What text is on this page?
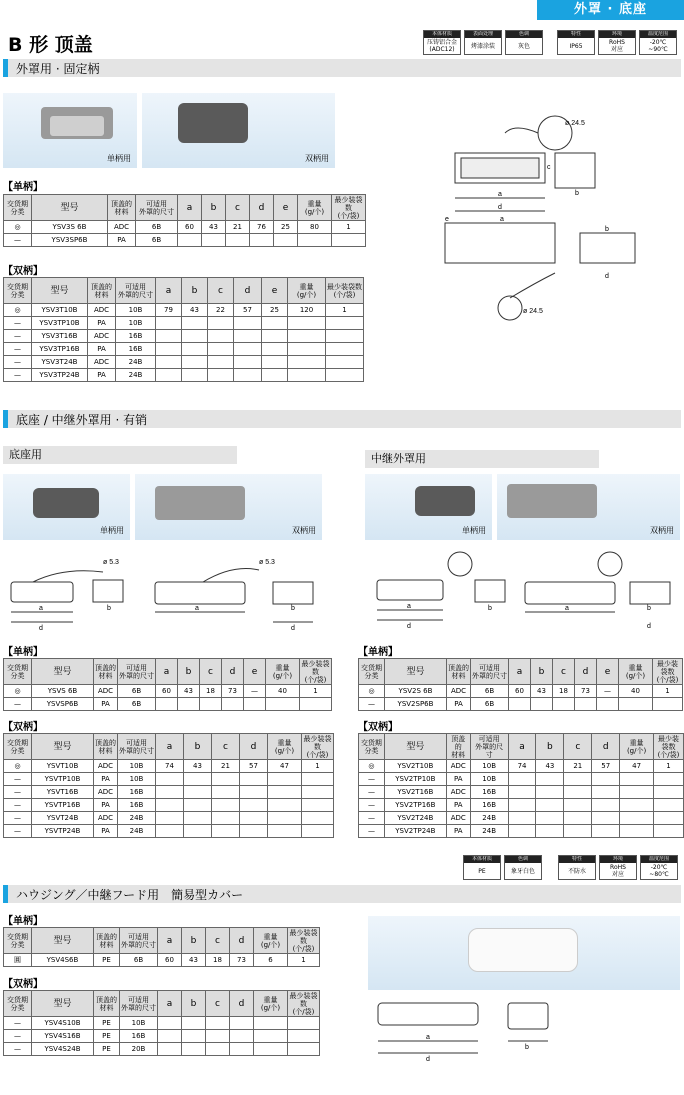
外罩 · 底座
B 形 顶盖	本体材质
压铸铝合金
(ADC12)
表面处理
烤漆涂装
色调
灰色
特性
IP65
环境
RoHS
对应
温度范围
-20℃
~90℃
外罩用 · 固定柄
单柄用	双柄用
a
d
b
c
a
e
b
d
ø 24.5
ø 24.5
【单柄】
交货期
分类	型号	顶盖的
材料	可适用
外罩的尺寸	a	b	c	d	e	重量
(g/个)	最少装袋数
(个/袋)
◎	YSV3S 6B	ADC	6B	60	43	21	76	25	80	1
—	YSV3SP6B	PA	6B							
【双柄】
交货期
分类	型号	顶盖的
材料	可适用
外罩的尺寸	a	b	c	d	e	重量
(g/个)	最少装袋数
(个/袋)
◎	YSV3T10B	ADC	10B	79	43	22	57	25	120	1
—	YSV3TP10B	PA	10B							
—	YSV3T16B	ADC	16B							
—	YSV3TP16B	PA	16B							
—	YSV3T24B	ADC	24B							
—	YSV3TP24B	PA	24B							
底座 / 中继外罩用 · 有销
底座用	中继外罩用
单柄用	双柄用	单柄用	双柄用
a
d
b	a	b
d
ø 5.3	ø 5.3
a
d
b	a	b
d
【单柄】
交货期
分类	型号	顶盖的
材料	可适用
外罩的尺寸	a	b	c	d	e	重量
(g/个)	最少装袋数
(个/袋)
◎	YSVS 6B	ADC	6B	60	43	18	73	—	40	1
—	YSVSP6B	PA	6B							
【双柄】
交货期
分类	型号	顶盖的
材料	可适用
外罩的尺寸	a	b	c	d	重量
(g/个)	最少装袋数
(个/袋)
◎	YSVT10B	ADC	10B	74	43	21	57	47	1
—	YSVTP10B	PA	10B						
—	YSVT16B	ADC	16B						
—	YSVTP16B	PA	16B						
—	YSVT24B	ADC	24B						
—	YSVTP24B	PA	24B						
【单柄】
交货期
分类	型号	顶盖的
材料	可适用
外罩的尺寸	a	b	c	d	e	重量
(g/个)	最少装袋数
(个/袋)
◎	YSV2S 6B	ADC	6B	60	43	18	73	—	40	1
—	YSV2SP6B	PA	6B							
【双柄】
交货期
分类	型号	顶盖的
材料	可适用
外罩的尺寸	a	b	c	d	重量
(g/个)	最少装袋数
(个/袋)
◎	YSV2T10B	ADC	10B	74	43	21	57	47	1
—	YSV2TP10B	PA	10B						
—	YSV2T16B	ADC	16B						
—	YSV2TP16B	PA	16B						
—	YSV2T24B	ADC	24B						
—	YSV2TP24B	PA	24B						
本体材质
PE
色调
象牙白色
特性
不防水
环境
RoHS
对应
温度范围
-20℃
~80℃
ハウジング／中継フード用　簡易型カバー
【单柄】
交货期
分类	型号	顶盖的
材料	可适用
外罩的尺寸	a	b	c	d	重量
(g/个)	最少装袋数
(个/袋)
圓	YSV4S6B	PE	6B	60	43	18	73	6	1
【双柄】
交货期
分类	型号	顶盖的
材料	可适用
外罩的尺寸	a	b	c	d	重量
(g/个)	最少装袋数
(个/袋)
—	YSV4S10B	PE	10B						
—	YSV4S16B	PE	16B						
—	YSV4S24B	PE	20B						
a
d
b
